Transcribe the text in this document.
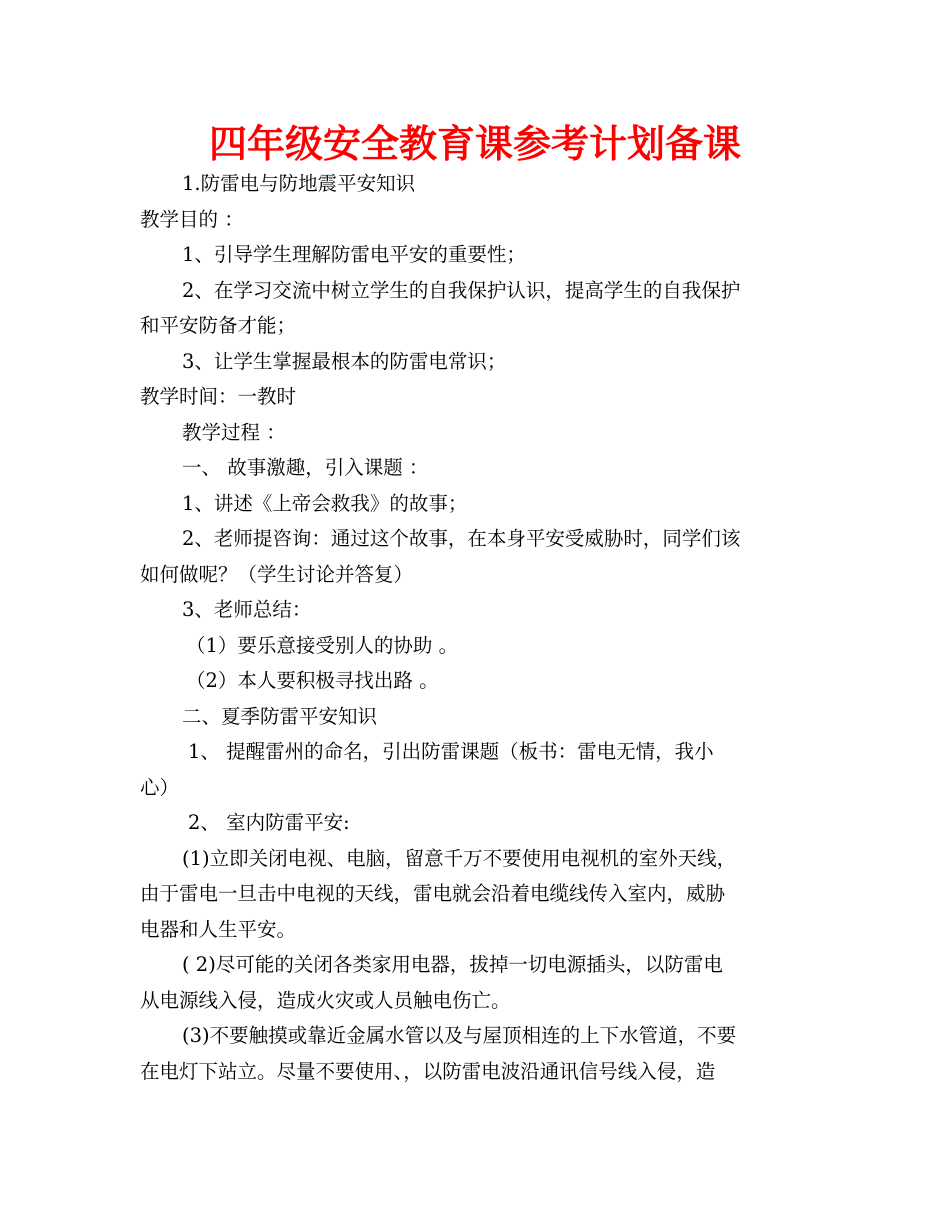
四年级安全教育课参考计划备课
1.防雷电与防地震平安知识
教学目的 ：
1、引导学生理解防雷电平安的重要性；
2、在学习交流中树立学生的自我保护认识，提高学生的自我保护
和平安防备才能；
3、让学生掌握最根本的防雷电常识；
教学时间：一教时
教学过程 ：
一、 故事激趣，引入课题 ：
1、讲述《上帝会救我》的故事；
2、老师提咨询：通过这个故事，在本身平安受威胁时，同学们该
如何做呢？（学生讨论并答复）
3、老师总结：
（1）要乐意接受别人的协助 。
（2）本人要积极寻找出路 。
二、夏季防雷平安知识
1、 提醒雷州的命名，引出防雷课题（板书：雷电无情，我小
心）
2、 室内防雷平安:
(1)立即关闭电视、电脑，留意千万不要使用电视机的室外天线，
由于雷电一旦击中电视的天线，雷电就会沿着电缆线传入室内，威胁
电器和人生平安。
( 2)尽可能的关闭各类家用电器，拔掉一切电源插头，以防雷电
从电源线入侵，造成火灾或人员触电伤亡。
(3)不要触摸或靠近金属水管以及与屋顶相连的上下水管道，不要
在电灯下站立。尽量不要使用、，以防雷电波沿通讯信号线入侵，造
